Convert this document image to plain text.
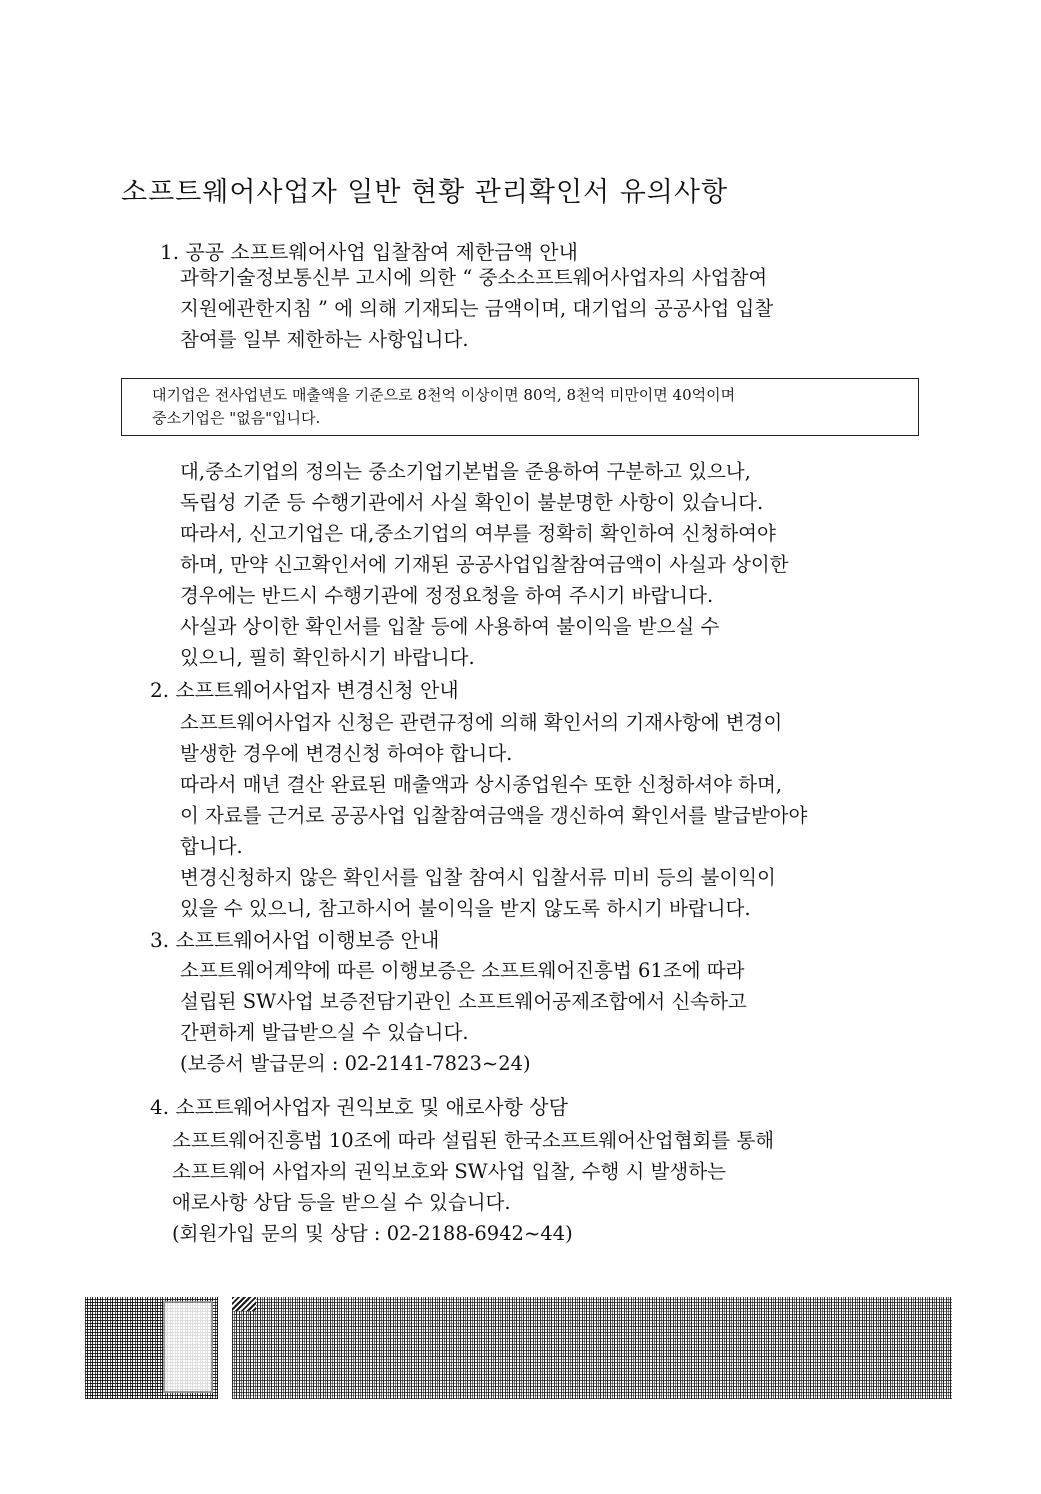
소프트웨어사업자 일반 현황 관리확인서 유의사항
1. 공공 소프트웨어사업 입찰참여 제한금액 안내
과학기술정보통신부 고시에 의한 “ 중소소프트웨어사업자의 사업참여
지원에관한지침 ” 에 의해 기재되는 금액이며, 대기업의 공공사업 입찰
참여를 일부 제한하는 사항입니다.
대기업은 전사업년도 매출액을 기준으로 8천억 이상이면 80억, 8천억 미만이면 40억이며
중소기업은 "없음"입니다.
대,중소기업의 정의는 중소기업기본법을 준용하여 구분하고 있으나,
독립성 기준 등 수행기관에서 사실 확인이 불분명한 사항이 있습니다.
따라서, 신고기업은 대,중소기업의 여부를 정확히 확인하여 신청하여야
하며, 만약 신고확인서에 기재된 공공사업입찰참여금액이 사실과 상이한
경우에는 반드시 수행기관에 정정요청을 하여 주시기 바랍니다.
사실과 상이한 확인서를 입찰 등에 사용하여 불이익을 받으실 수
있으니, 필히 확인하시기 바랍니다.
2. 소프트웨어사업자 변경신청 안내
소프트웨어사업자 신청은 관련규정에 의해 확인서의 기재사항에 변경이
발생한 경우에 변경신청 하여야 합니다.
따라서 매년 결산 완료된 매출액과 상시종업원수 또한 신청하셔야 하며,
이 자료를 근거로 공공사업 입찰참여금액을 갱신하여 확인서를 발급받아야
합니다.
변경신청하지 않은 확인서를 입찰 참여시 입찰서류 미비 등의 불이익이
있을 수 있으니, 참고하시어 불이익을 받지 않도록 하시기 바랍니다.
3. 소프트웨어사업 이행보증 안내
소프트웨어계약에 따른 이행보증은 소프트웨어진흥법 61조에 따라
설립된 SW사업 보증전담기관인 소프트웨어공제조합에서 신속하고
간편하게 발급받으실 수 있습니다.
(보증서 발급문의 : 02-2141-7823~24)
4. 소프트웨어사업자 권익보호 및 애로사항 상담
소프트웨어진흥법 10조에 따라 설립된 한국소프트웨어산업협회를 통해
소프트웨어 사업자의 권익보호와 SW사업 입찰, 수행 시 발생하는
애로사항 상담 등을 받으실 수 있습니다.
(회원가입 문의 및 상담 : 02-2188-6942~44)
